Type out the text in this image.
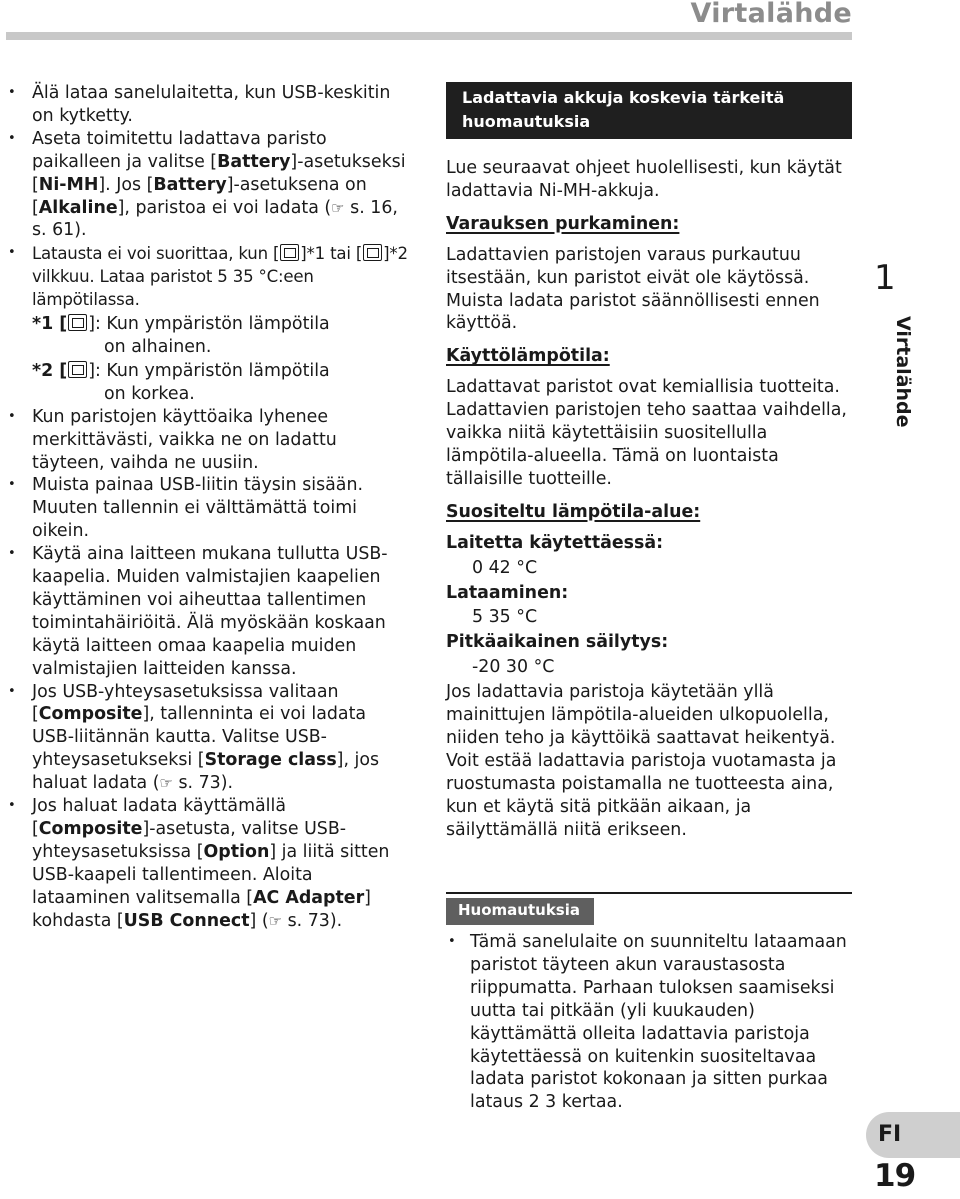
Virtalähde
• Älä lataa sanelulaitetta, kun USB-keskitin on kytketty.
• Aseta toimitettu ladattava paristo paikalleen ja valitse [Battery]-asetukseksi [Ni-MH]. Jos [Battery]-asetuksena on [Alkaline], paristoa ei voi ladata (☞ s. 16, s. 61).
• Latausta ei voi suorittaa, kun [ ]*1 tai [ ]*2 vilkkuu. Lataa paristot 5 35 °C:een lämpötilassa.
*1 [ ]: Kun ympäristön lämpötila
on alhainen.
*2 [ ]: Kun ympäristön lämpötila
on korkea.
• Kun paristojen käyttöaika lyhenee merkittävästi, vaikka ne on ladattu täyteen, vaihda ne uusiin.
• Muista painaa USB-liitin täysin sisään. Muuten tallennin ei välttämättä toimi oikein.
• Käytä aina laitteen mukana tullutta USB-kaapelia. Muiden valmistajien kaapelien käyttäminen voi aiheuttaa tallentimen toimintahäiriöitä. Älä myöskään koskaan käytä laitteen omaa kaapelia muiden valmistajien laitteiden kanssa.
• Jos USB-yhteysasetuksissa valitaan [Composite], tallenninta ei voi ladata USB-liitännän kautta. Valitse USB-yhteysasetukseksi [Storage class], jos haluat ladata (☞ s. 73).
• Jos haluat ladata käyttämällä [Composite]-asetusta, valitse USB-yhteysasetuksissa [Option] ja liitä sitten USB-kaapeli tallentimeen. Aloita lataaminen valitsemalla [AC Adapter] kohdasta [USB Connect] (☞ s. 73).
Ladattavia akkuja koskevia tärkeitä huomautuksia
Lue seuraavat ohjeet huolellisesti, kun käytät ladattavia Ni-MH-akkuja.
Varauksen purkaminen:
Ladattavien paristojen varaus purkautuu itsestään, kun paristot eivät ole käytössä. Muista ladata paristot säännöllisesti ennen käyttöä.
Käyttölämpötila:
Ladattavat paristot ovat kemiallisia tuotteita. Ladattavien paristojen teho saattaa vaihdella, vaikka niitä käytettäisiin suositellulla lämpötila-alueella. Tämä on luontaista tällaisille tuotteille.
Suositeltu lämpötila-alue:
Laitetta käytettäessä:
0 42 °C
Lataaminen:
5 35 °C
Pitkäaikainen säilytys:
-20 30 °C
Jos ladattavia paristoja käytetään yllä mainittujen lämpötila-alueiden ulkopuolella, niiden teho ja käyttöikä saattavat heikentyä. Voit estää ladattavia paristoja vuotamasta ja ruostumasta poistamalla ne tuotteesta aina, kun et käytä sitä pitkään aikaan, ja säilyttämällä niitä erikseen.
Huomautuksia
• Tämä sanelulaite on suunniteltu lataamaan paristot täyteen akun varaustasosta riippumatta. Parhaan tuloksen saamiseksi uutta tai pitkään (yli kuukauden) käyttämättä olleita ladattavia paristoja käytettäessä on kuitenkin suositeltavaa ladata paristot kokonaan ja sitten purkaa lataus 2 3 kertaa.
1
Virtalähde
FI
19
